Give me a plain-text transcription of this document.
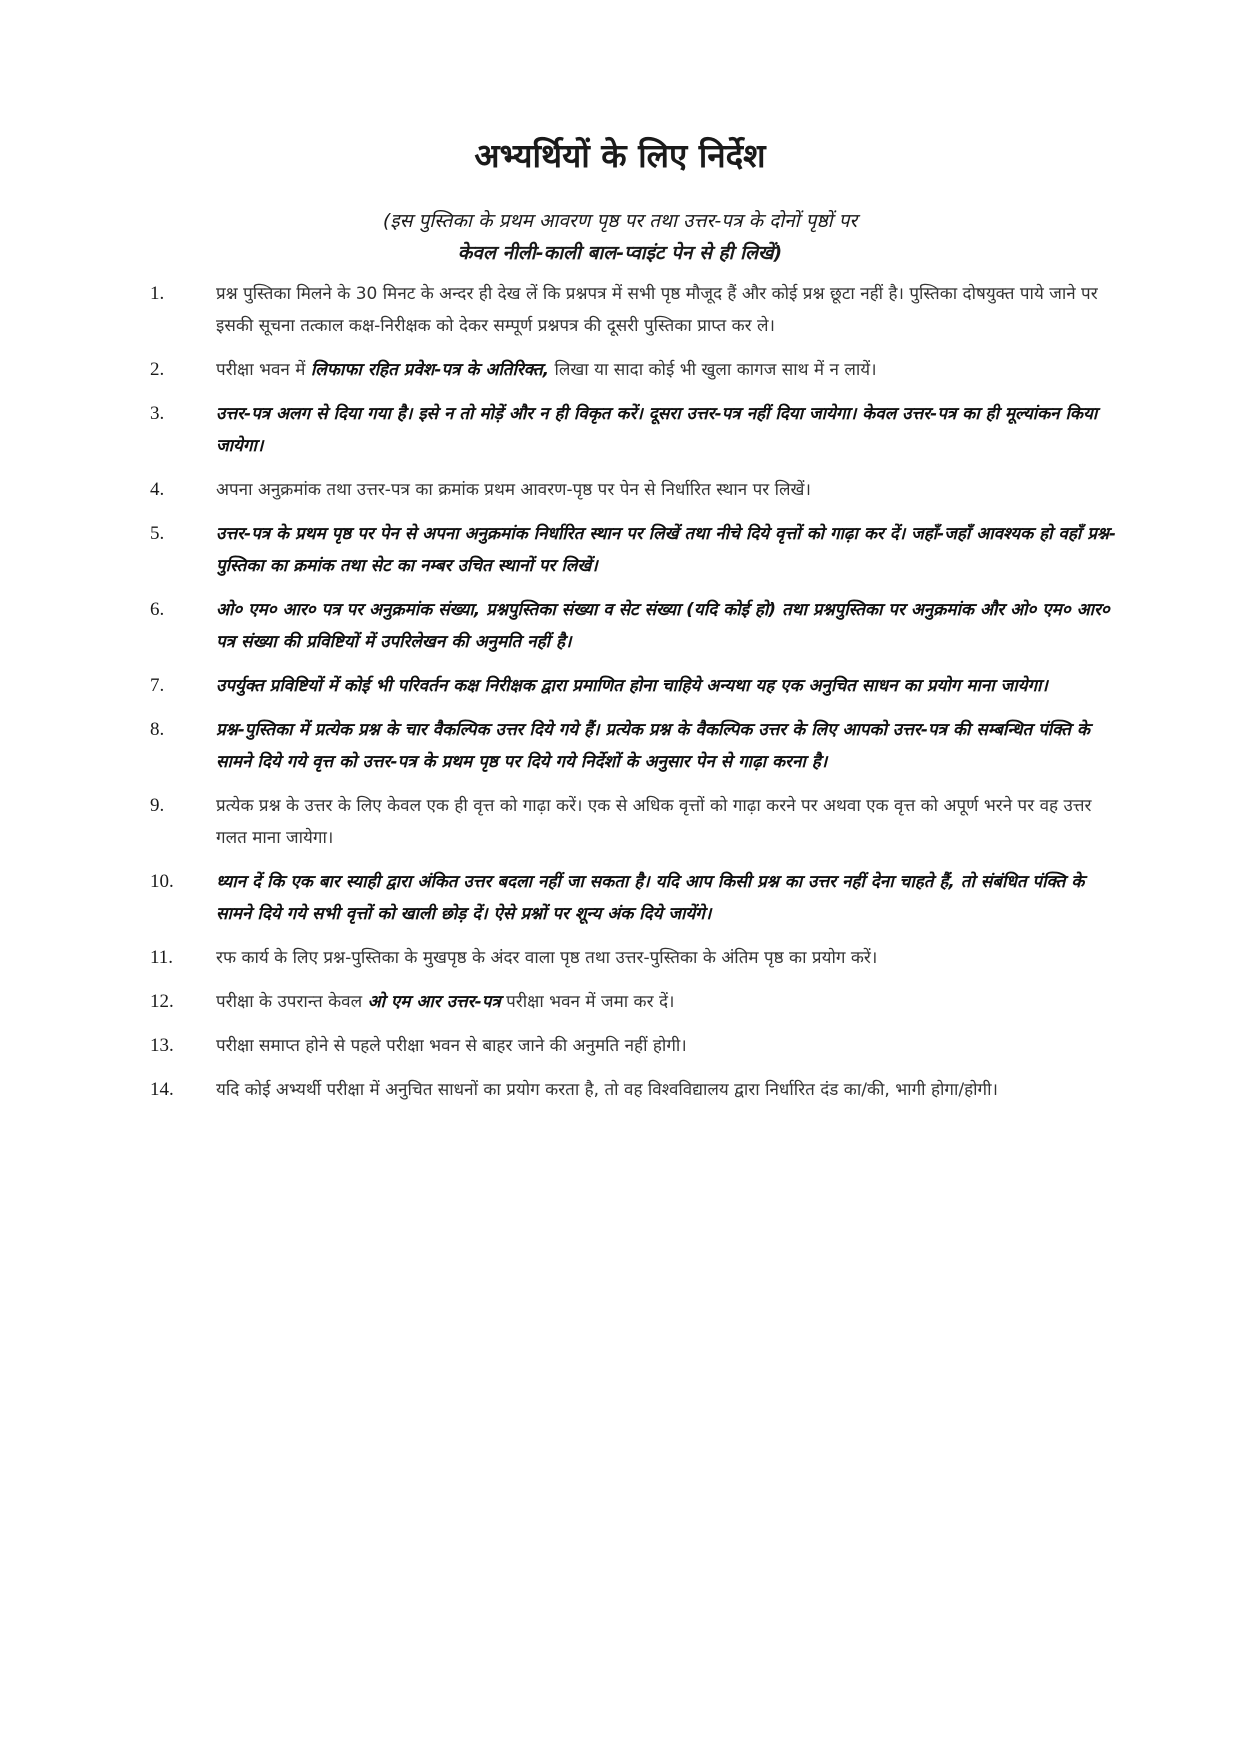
अभ्यर्थियों के लिए निर्देश
(इस पुस्तिका के प्रथम आवरण पृष्ठ पर तथा उत्तर-पत्र के दोनों पृष्ठों पर
केवल नीली-काली बाल-प्वाइंट पेन से ही लिखें)
1.	प्रश्न पुस्तिका मिलने के 30 मिनट के अन्दर ही देख लें कि प्रश्नपत्र में सभी पृष्ठ मौजूद हैं और कोई प्रश्न छूटा नहीं है। पुस्तिका दोषयुक्त पाये जाने पर इसकी सूचना तत्काल कक्ष-निरीक्षक को देकर सम्पूर्ण प्रश्नपत्र की दूसरी पुस्तिका प्राप्त कर ले।
2.	परीक्षा भवन में लिफाफा रहित प्रवेश-पत्र के अतिरिक्त, लिखा या सादा कोई भी खुला कागज साथ में न लायें।
3.	उत्तर-पत्र अलग से दिया गया है। इसे न तो मोड़ें और न ही विकृत करें। दूसरा उत्तर-पत्र नहीं दिया जायेगा। केवल उत्तर-पत्र का ही मूल्यांकन किया जायेगा।
4.	अपना अनुक्रमांक तथा उत्तर-पत्र का क्रमांक प्रथम आवरण-पृष्ठ पर पेन से निर्धारित स्थान पर लिखें।
5.	उत्तर-पत्र के प्रथम पृष्ठ पर पेन से अपना अनुक्रमांक निर्धारित स्थान पर लिखें तथा नीचे दिये वृत्तों को गाढ़ा कर दें। जहाँ-जहाँ आवश्यक हो वहाँ प्रश्न-पुस्तिका का क्रमांक तथा सेट का नम्बर उचित स्थानों पर लिखें।
6.	ओ० एम० आर० पत्र पर अनुक्रमांक संख्या, प्रश्नपुस्तिका संख्या व सेट संख्या (यदि कोई हो) तथा प्रश्नपुस्तिका पर अनुक्रमांक और ओ० एम० आर० पत्र संख्या की प्रविष्टियों में उपरिलेखन की अनुमति नहीं है।
7.	उपर्युक्त प्रविष्टियों में कोई भी परिवर्तन कक्ष निरीक्षक द्वारा प्रमाणित होना चाहिये अन्यथा यह एक अनुचित साधन का प्रयोग माना जायेगा।
8.	प्रश्न-पुस्तिका में प्रत्येक प्रश्न के चार वैकल्पिक उत्तर दिये गये हैं। प्रत्येक प्रश्न के वैकल्पिक उत्तर के लिए आपको उत्तर-पत्र की सम्बन्धित पंक्ति के सामने दिये गये वृत्त को उत्तर-पत्र के प्रथम पृष्ठ पर दिये गये निर्देशों के अनुसार पेन से गाढ़ा करना है।
9.	प्रत्येक प्रश्न के उत्तर के लिए केवल एक ही वृत्त को गाढ़ा करें। एक से अधिक वृत्तों को गाढ़ा करने पर अथवा एक वृत्त को अपूर्ण भरने पर वह उत्तर गलत माना जायेगा।
10.	ध्यान दें कि एक बार स्याही द्वारा अंकित उत्तर बदला नहीं जा सकता है। यदि आप किसी प्रश्न का उत्तर नहीं देना चाहते हैं, तो संबंधित पंक्ति के सामने दिये गये सभी वृत्तों को खाली छोड़ दें। ऐसे प्रश्नों पर शून्य अंक दिये जायेंगे।
11.	रफ कार्य के लिए प्रश्न-पुस्तिका के मुखपृष्ठ के अंदर वाला पृष्ठ तथा उत्तर-पुस्तिका के अंतिम पृष्ठ का प्रयोग करें।
12.	परीक्षा के उपरान्त केवल ओ एम आर उत्तर-पत्र परीक्षा भवन में जमा कर दें।
13.	परीक्षा समाप्त होने से पहले परीक्षा भवन से बाहर जाने की अनुमति नहीं होगी।
14.	यदि कोई अभ्यर्थी परीक्षा में अनुचित साधनों का प्रयोग करता है, तो वह विश्वविद्यालय द्वारा निर्धारित दंड का/की, भागी होगा/होगी।
